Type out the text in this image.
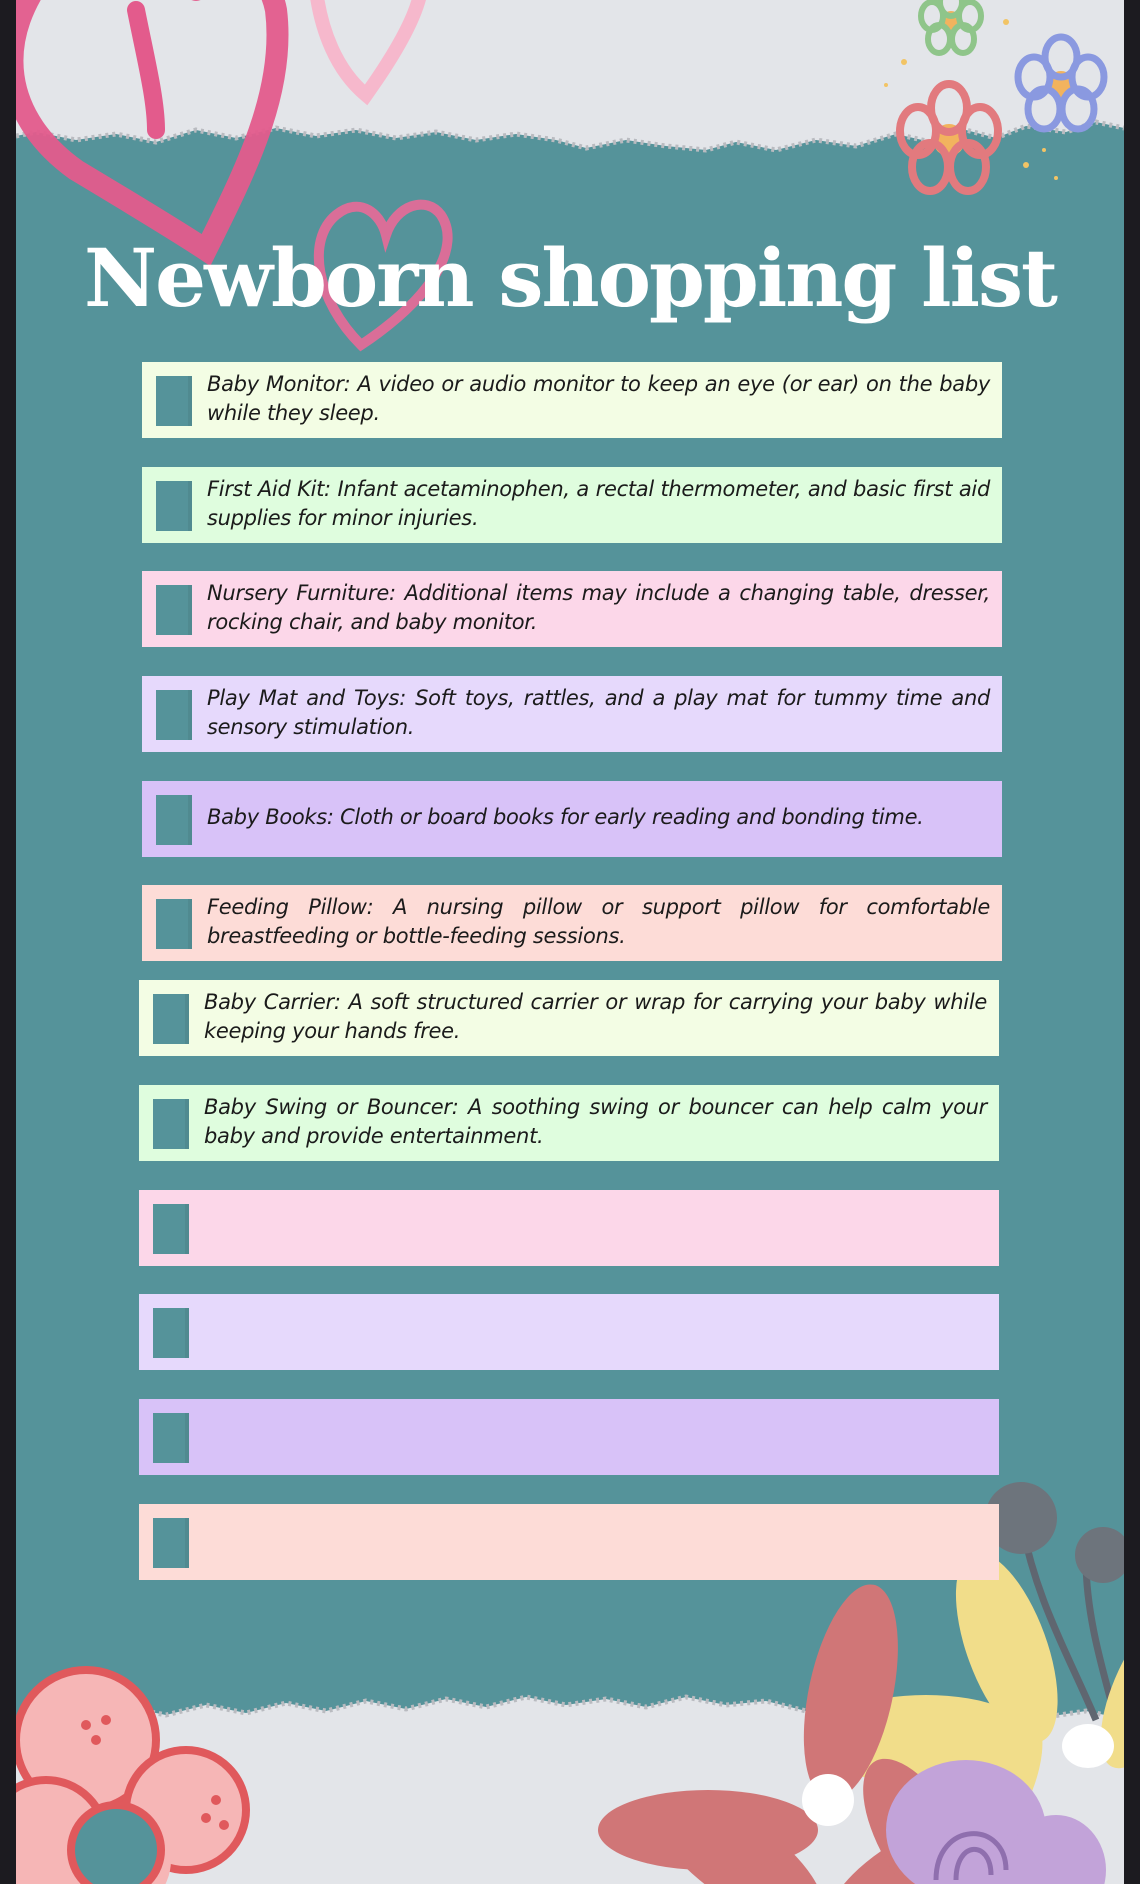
Newborn shopping list
Baby Monitor: A video or audio monitor to keep an eye (or ear) on the baby while they sleep.
First Aid Kit: Infant acetaminophen, a rectal thermometer, and basic first aid supplies for minor injuries.
Nursery Furniture: Additional items may include a changing table, dresser, rocking chair, and baby monitor.
Play Mat and Toys: Soft toys, rattles, and a play mat for tummy time and sensory stimulation.
Baby Books: Cloth or board books for early reading and bonding time.
Feeding Pillow: A nursing pillow or support pillow for comfortable breastfeeding or bottle-feeding sessions.
Baby Carrier: A soft structured carrier or wrap for carrying your baby while keeping your hands free.
Baby Swing or Bouncer: A soothing swing or bouncer can help calm your baby and provide entertainment.
